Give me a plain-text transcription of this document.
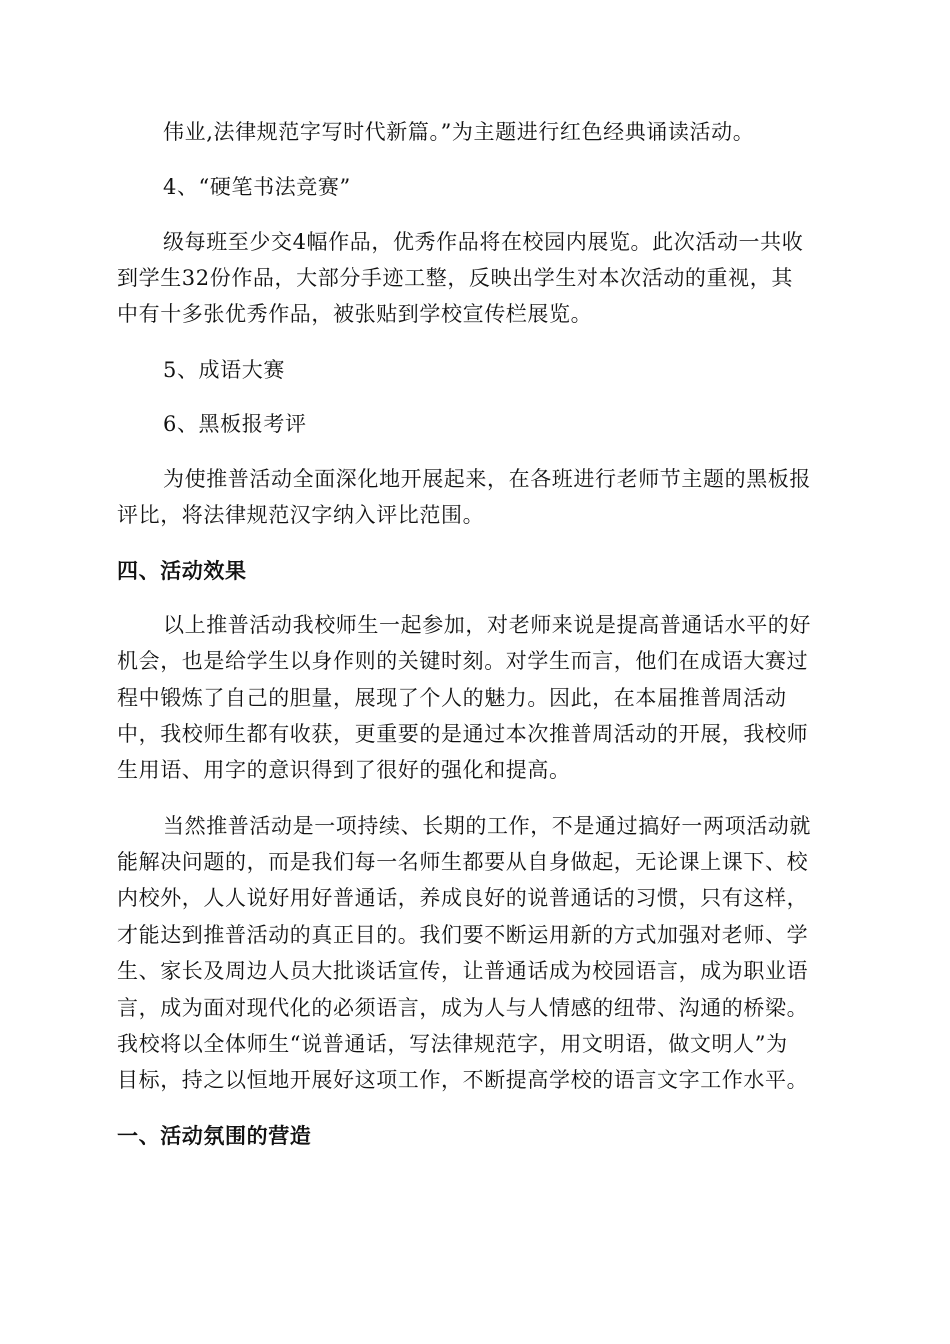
伟业,法律规范字写时代新篇。”为主题进行红色经典诵读活动。
4、“硬笔书法竞赛”
级每班至少交4幅作品，优秀作品将在校园内展览。此次活动一共收
到学生32份作品，大部分手迹工整，反映出学生对本次活动的重视，其
中有十多张优秀作品，被张贴到学校宣传栏展览。
5、成语大赛
6、黑板报考评
为使推普活动全面深化地开展起来，在各班进行老师节主题的黑板报
评比，将法律规范汉字纳入评比范围。
四、活动效果
以上推普活动我校师生一起参加，对老师来说是提高普通话水平的好
机会，也是给学生以身作则的关键时刻。对学生而言，他们在成语大赛过
程中锻炼了自己的胆量，展现了个人的魅力。因此，在本届推普周活动
中，我校师生都有收获，更重要的是通过本次推普周活动的开展，我校师
生用语、用字的意识得到了很好的强化和提高。
当然推普活动是一项持续、长期的工作，不是通过搞好一两项活动就
能解决问题的，而是我们每一名师生都要从自身做起，无论课上课下、校
内校外，人人说好用好普通话，养成良好的说普通话的习惯，只有这样，
才能达到推普活动的真正目的。我们要不断运用新的方式加强对老师、学
生、家长及周边人员大批谈话宣传，让普通话成为校园语言，成为职业语
言，成为面对现代化的必须语言，成为人与人情感的纽带、沟通的桥梁。
我校将以全体师生“说普通话，写法律规范字，用文明语，做文明人”为
目标，持之以恒地开展好这项工作，不断提高学校的语言文字工作水平。
一、活动氛围的营造
